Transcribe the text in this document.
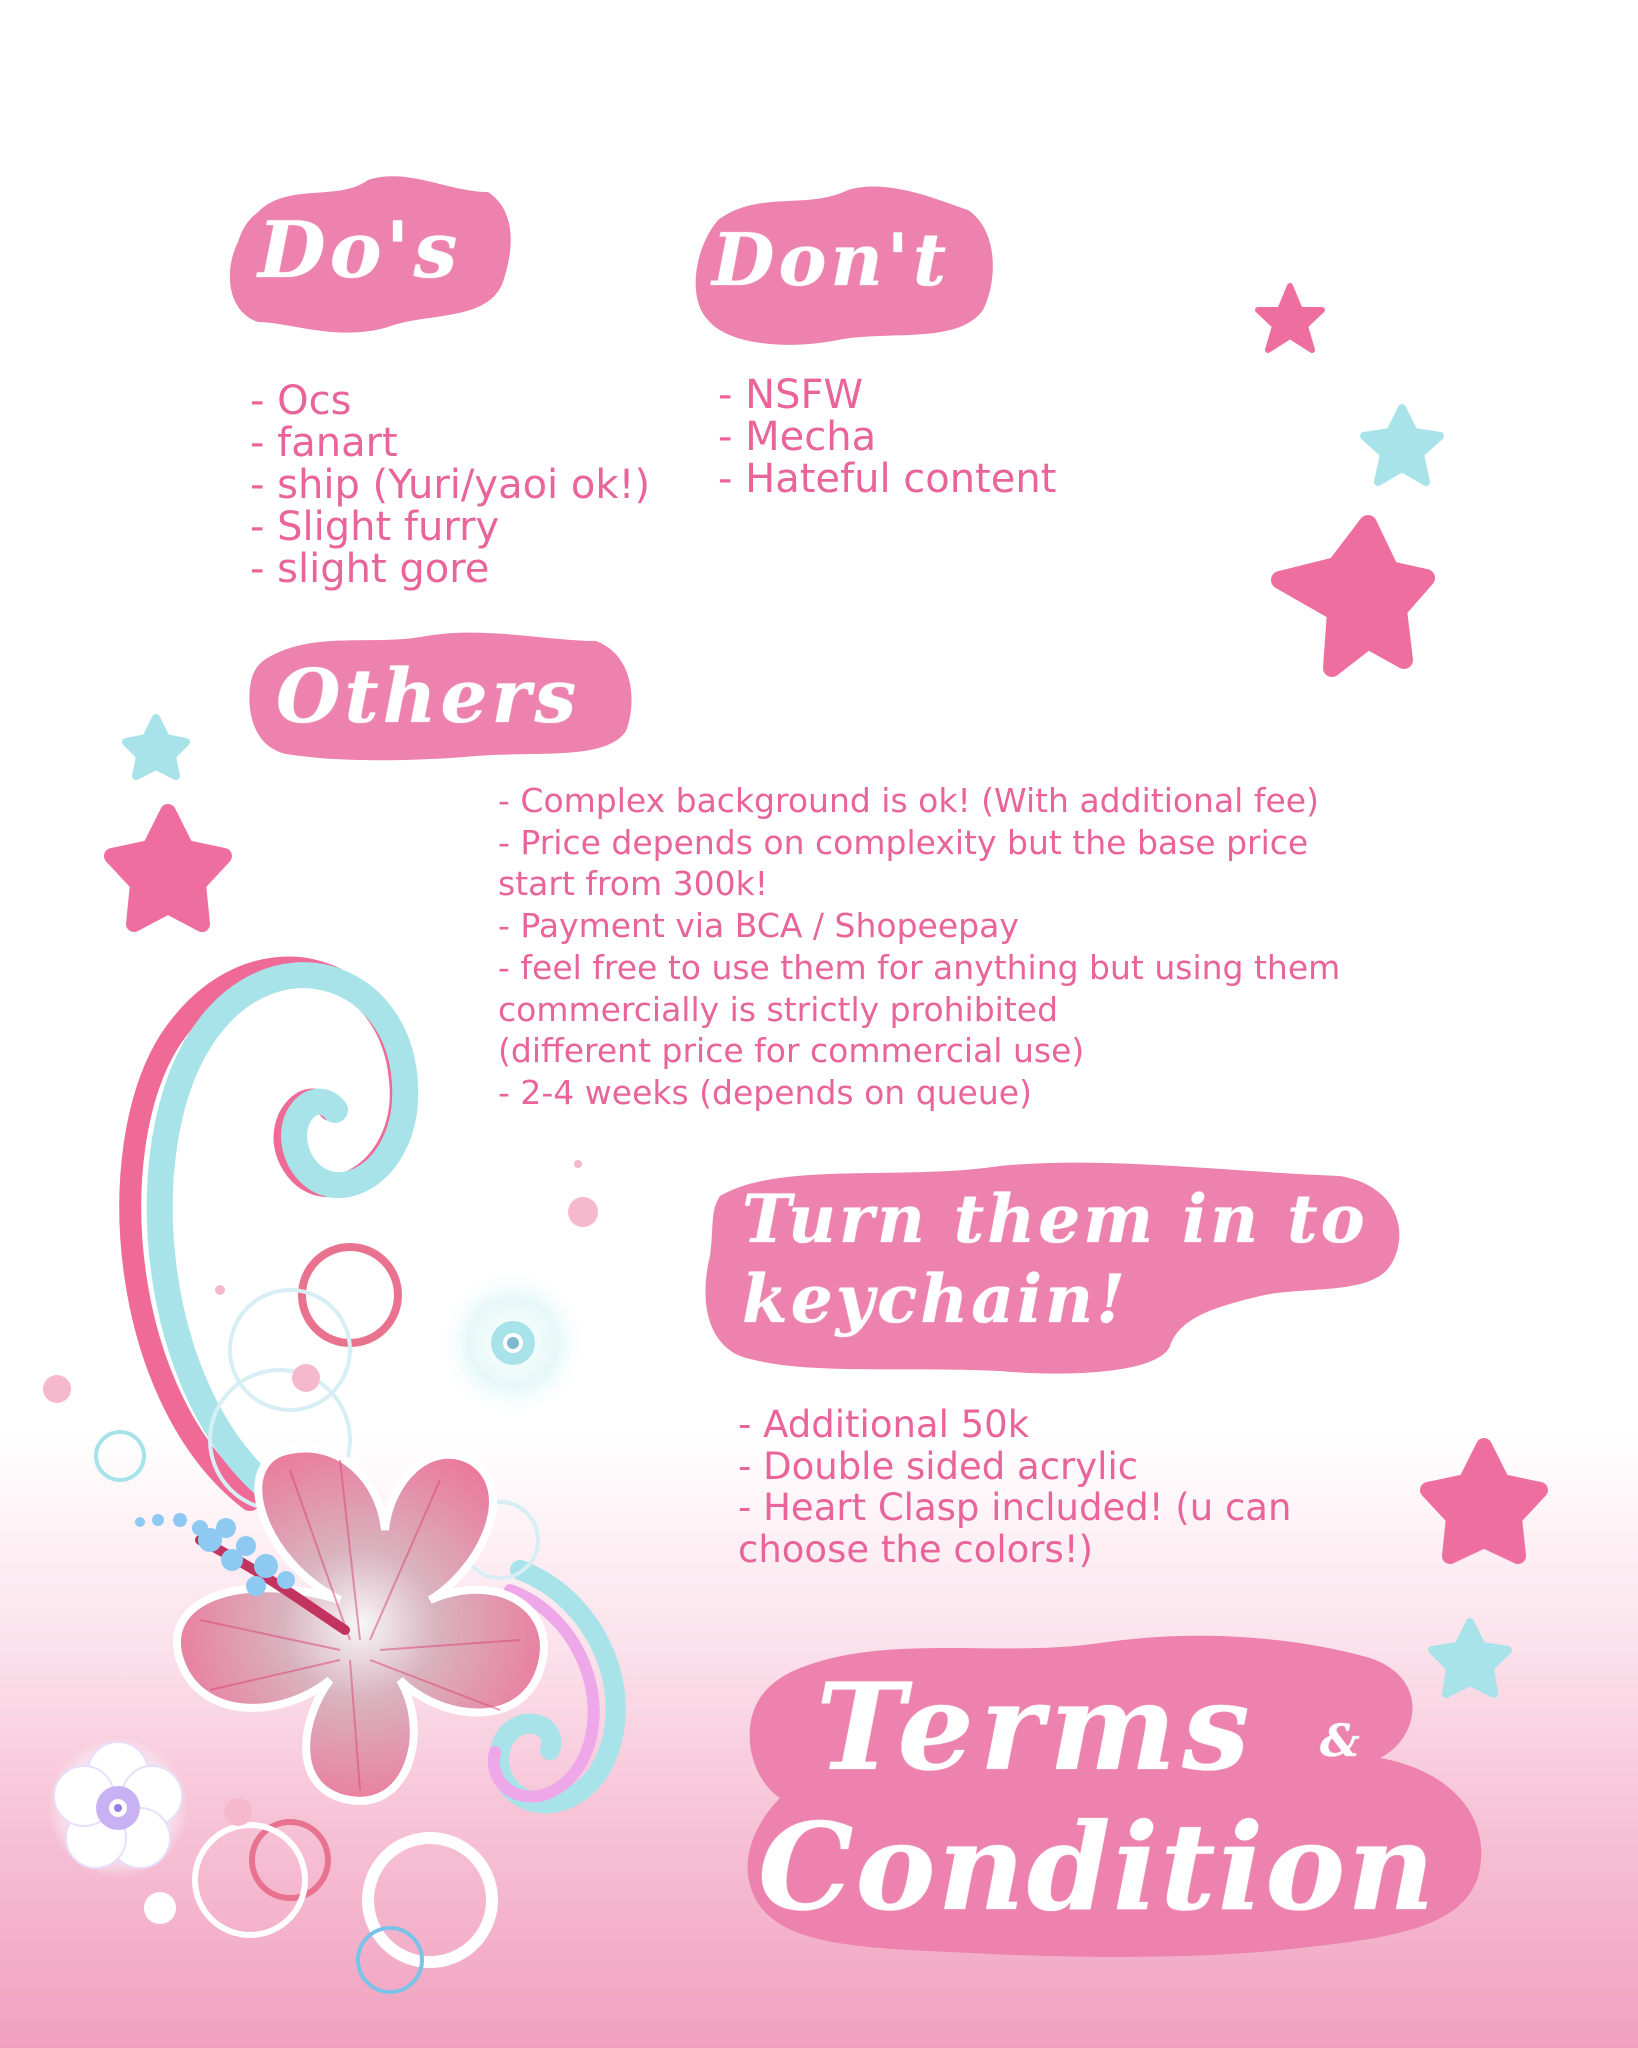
Do's
- Ocs
- fanart
- ship (Yuri/yaoi ok!)
- Slight furry
- slight gore
Don't
- NSFW
- Mecha
- Hateful content
Others
- Complex background is ok! (With additional fee)
- Price depends on complexity but the base price
start from 300k!
- Payment via BCA / Shopeepay
- feel free to use them for anything but using them
commercially is strictly prohibited
(different price for commercial use)
- 2-4 weeks (depends on queue)
Turn them in to
keychain!
- Additional 50k
- Double sided acrylic
- Heart Clasp included! (u can
choose the colors!)
Terms &
Condition
